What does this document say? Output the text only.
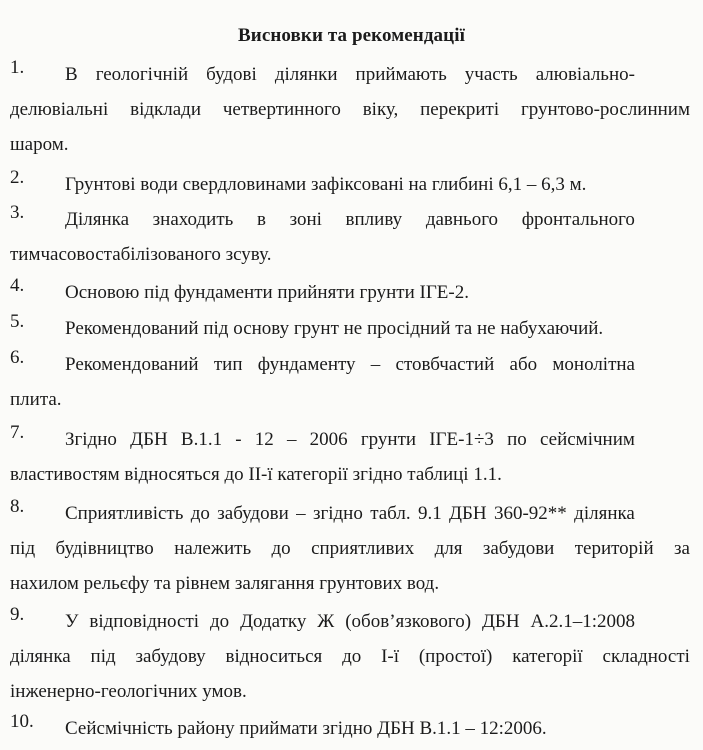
Висновки та рекомендації
1. В геологічній будові ділянки приймають участь алювіально-
делювіальні відклади четвертинного віку, перекриті грунтово-рослинним
шаром.
2.	Грунтові води свердловинами зафіксовані на глибині 6,1 – 6,3 м.
3. Ділянка знаходить в зоні впливу давнього фронтального
тимчасовостабілізованого зсуву.
4.	Основою під фундаменти прийняти грунти ІГЕ-2.
5.	Рекомендований під основу грунт не просідний та не набухаючий.
6. Рекомендований тип фундаменту – стовбчастий або монолітна
плита.
7. Згідно ДБН В.1.1 - 12 – 2006 грунти ІГЕ-1÷3 по сейсмічним
властивостям відносяться до ІІ-ї категорії згідно таблиці 1.1.
8. Сприятливість до забудови – згідно табл. 9.1 ДБН 360-92** ділянка
під будівництво належить до сприятливих для забудови територій за
нахилом рельєфу та рівнем залягання грунтових вод.
9. У відповідності до Додатку Ж (обов’язкового) ДБН А.2.1–1:2008
ділянка під забудову відноситься до І-ї (простої) категорії складності
інженерно-геологічних умов.
10.	Сейсмічність району приймати згідно ДБН В.1.1 – 12:2006.
